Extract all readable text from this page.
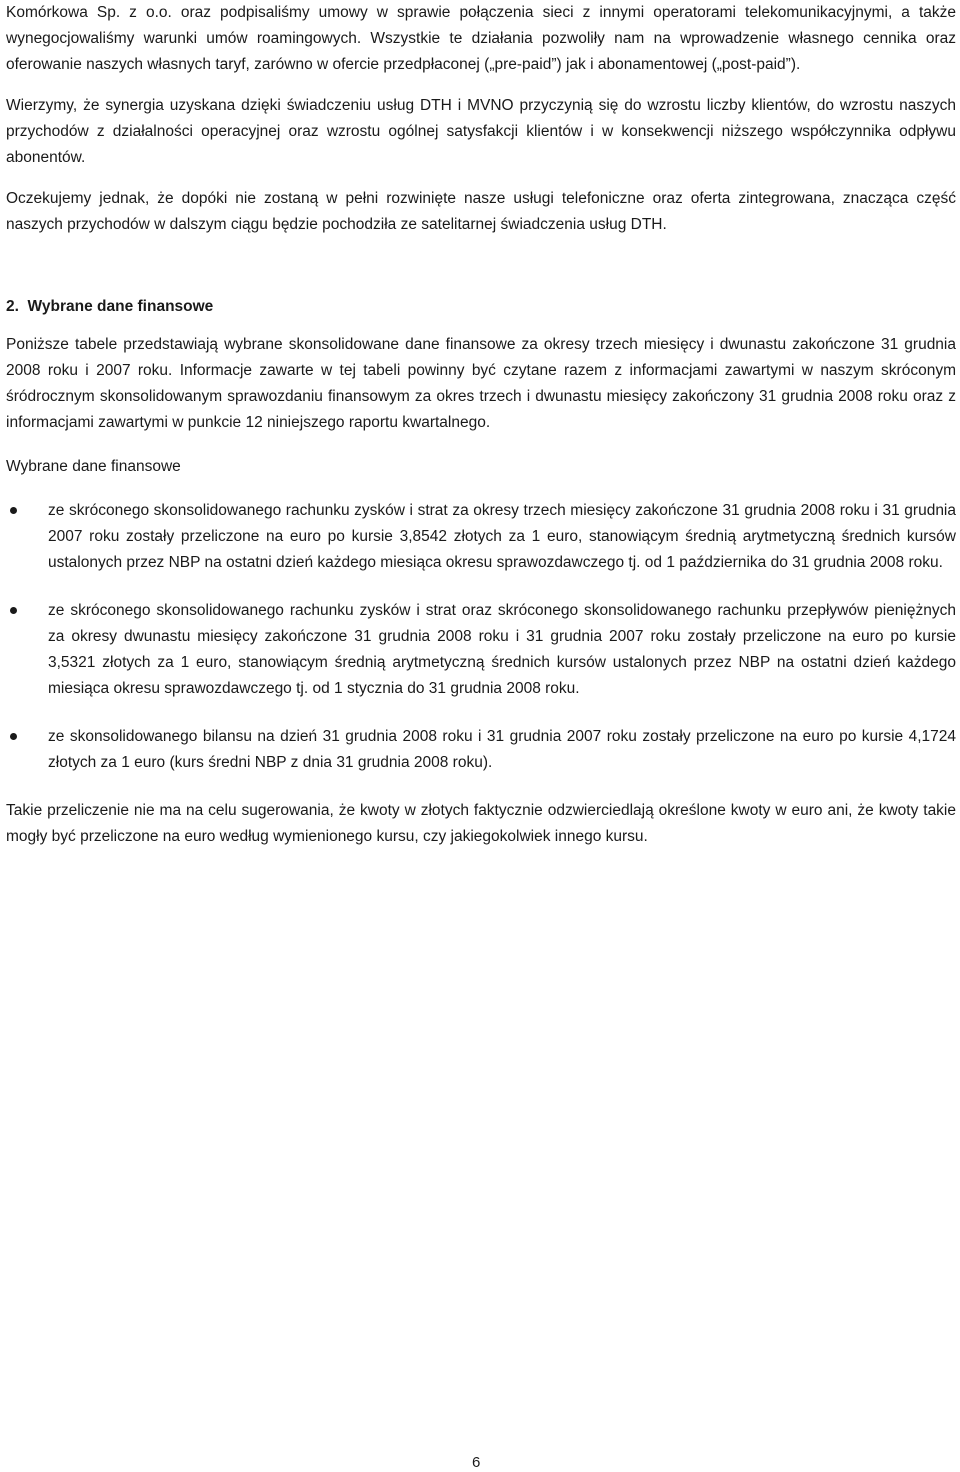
Komórkowa Sp. z o.o. oraz podpisaliśmy umowy w sprawie połączenia sieci z innymi operatorami telekomunikacyjnymi, a także wynegocjowaliśmy warunki umów roamingowych. Wszystkie te działania pozwoliły nam na wprowadzenie własnego cennika oraz oferowanie naszych własnych taryf, zarówno w ofercie przedpłaconej („pre-paid”) jak i abonamentowej („post-paid”).

Wierzymy, że synergia uzyskana dzięki świadczeniu usług DTH i MVNO przyczynią się do wzrostu liczby klientów, do wzrostu naszych przychodów z działalności operacyjnej oraz wzrostu ogólnej satysfakcji klientów i w konsekwencji niższego współczynnika odpływu abonentów.

Oczekujemy jednak, że dopóki nie zostaną w pełni rozwinięte nasze usługi telefoniczne oraz oferta zintegrowana, znacząca część naszych przychodów w dalszym ciągu będzie pochodziła ze satelitarnej świadczenia usług DTH.

2.  Wybrane dane finansowe

Poniższe tabele przedstawiają wybrane skonsolidowane dane finansowe za okresy trzech miesięcy i dwunastu zakończone 31 grudnia 2008 roku i 2007 roku. Informacje zawarte w tej tabeli powinny być czytane razem z informacjami zawartymi w naszym skróconym śródrocznym skonsolidowanym sprawozdaniu finansowym za okres trzech i dwunastu miesięcy zakończony 31 grudnia 2008 roku oraz z informacjami zawartymi w punkcie 12 niniejszego raportu kwartalnego.

Wybrane dane finansowe

ze skróconego skonsolidowanego rachunku zysków i strat za okresy trzech miesięcy zakończone 31 grudnia 2008 roku i 31 grudnia 2007 roku zostały przeliczone na euro po kursie 3,8542 złotych za 1 euro, stanowiącym średnią arytmetyczną średnich kursów ustalonych przez NBP na ostatni dzień każdego miesiąca okresu sprawozdawczego tj. od 1 października do 31 grudnia 2008 roku.
ze skróconego skonsolidowanego rachunku zysków i strat oraz skróconego skonsolidowanego rachunku przepływów pieniężnych za okresy dwunastu miesięcy zakończone 31 grudnia 2008 roku i 31 grudnia 2007 roku zostały przeliczone na euro po kursie 3,5321 złotych za 1 euro, stanowiącym średnią arytmetyczną średnich kursów ustalonych przez NBP na ostatni dzień każdego miesiąca okresu sprawozdawczego tj. od 1 stycznia do 31 grudnia 2008 roku.
ze skonsolidowanego bilansu na dzień 31 grudnia 2008 roku i 31 grudnia 2007 roku zostały przeliczone na euro po kursie 4,1724 złotych za 1 euro (kurs średni NBP z dnia 31 grudnia 2008 roku).

Takie przeliczenie nie ma na celu sugerowania, że kwoty w złotych faktycznie odzwierciedlają określone kwoty w euro ani, że kwoty takie mogły być przeliczone na euro według wymienionego kursu, czy jakiegokolwiek innego kursu.

6
